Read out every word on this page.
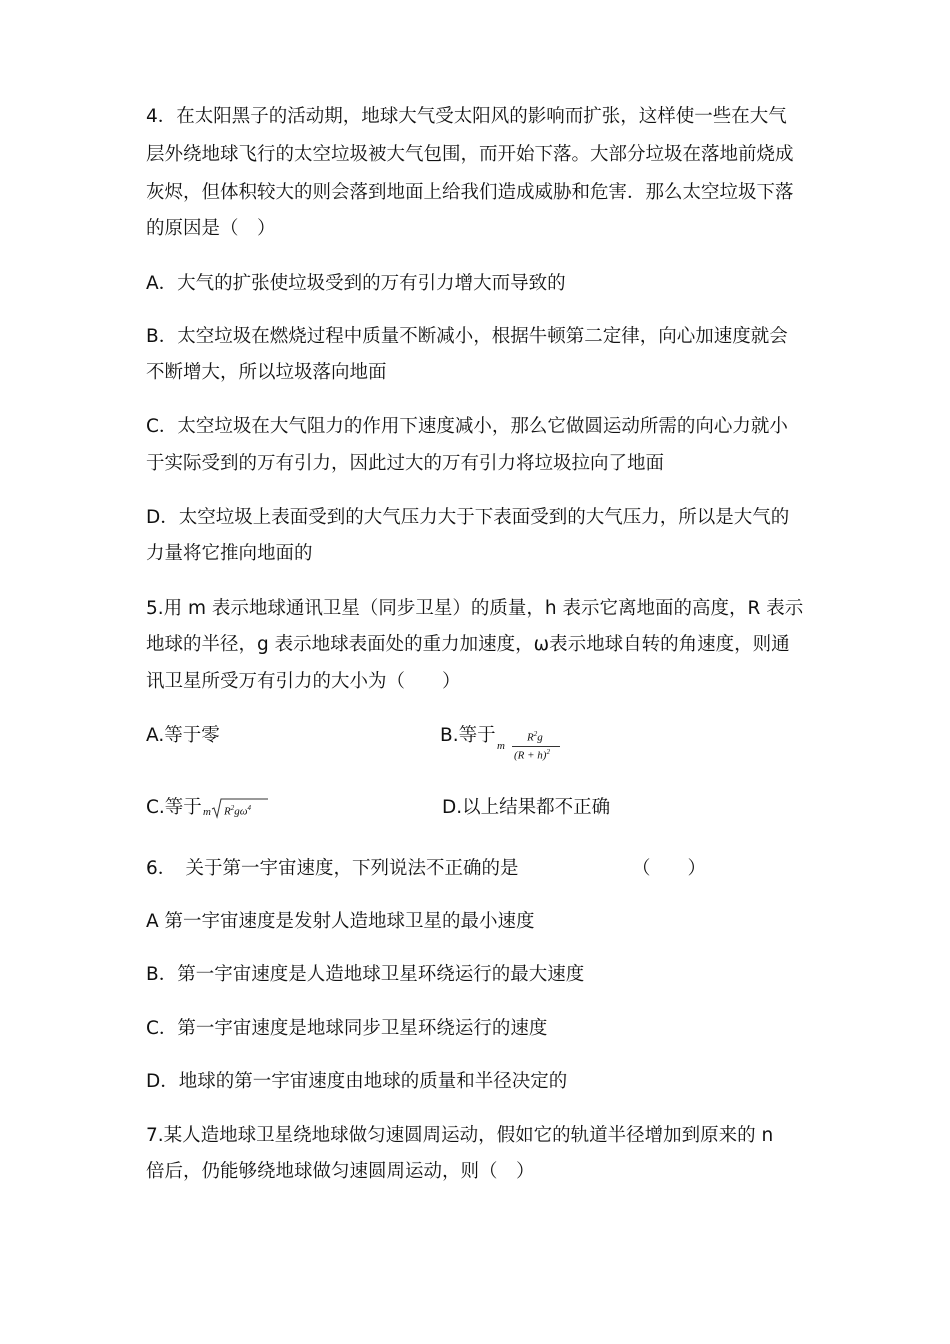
4．在太阳黑子的活动期，地球大气受太阳风的影响而扩张，这样使一些在大气
层外绕地球飞行的太空垃圾被大气包围，而开始下落。大部分垃圾在落地前烧成
灰烬，但体积较大的则会落到地面上给我们造成威胁和危害．那么太空垃圾下落
的原因是（　）
A．大气的扩张使垃圾受到的万有引力增大而导致的
B．太空垃圾在燃烧过程中质量不断减小，根据牛顿第二定律，向心加速度就会
不断增大，所以垃圾落向地面
C．太空垃圾在大气阻力的作用下速度减小，那么它做圆运动所需的向心力就小
于实际受到的万有引力，因此过大的万有引力将垃圾拉向了地面
D．太空垃圾上表面受到的大气压力大于下表面受到的大气压力，所以是大气的
力量将它推向地面的
5.用 m 表示地球通讯卫星（同步卫星）的质量，h 表示它离地面的高度，R 表示
地球的半径，g 表示地球表面处的重力加速度，ω表示地球自转的角速度，则通
讯卫星所受万有引力的大小为（　　）
A.等于零	B.等于 m
$R^2g$
$(R + h)^2$
C.等于 m $R^2g\omega^4$	D.以上结果都不正确
6．　关于第一宇宙速度，下列说法不正确的是	（　　）
A 第一宇宙速度是发射人造地球卫星的最小速度
B．第一宇宙速度是人造地球卫星环绕运行的最大速度
C．第一宇宙速度是地球同步卫星环绕运行的速度
D．地球的第一宇宙速度由地球的质量和半径决定的
7.某人造地球卫星绕地球做匀速圆周运动，假如它的轨道半径增加到原来的 n
倍后，仍能够绕地球做匀速圆周运动，则（　）
